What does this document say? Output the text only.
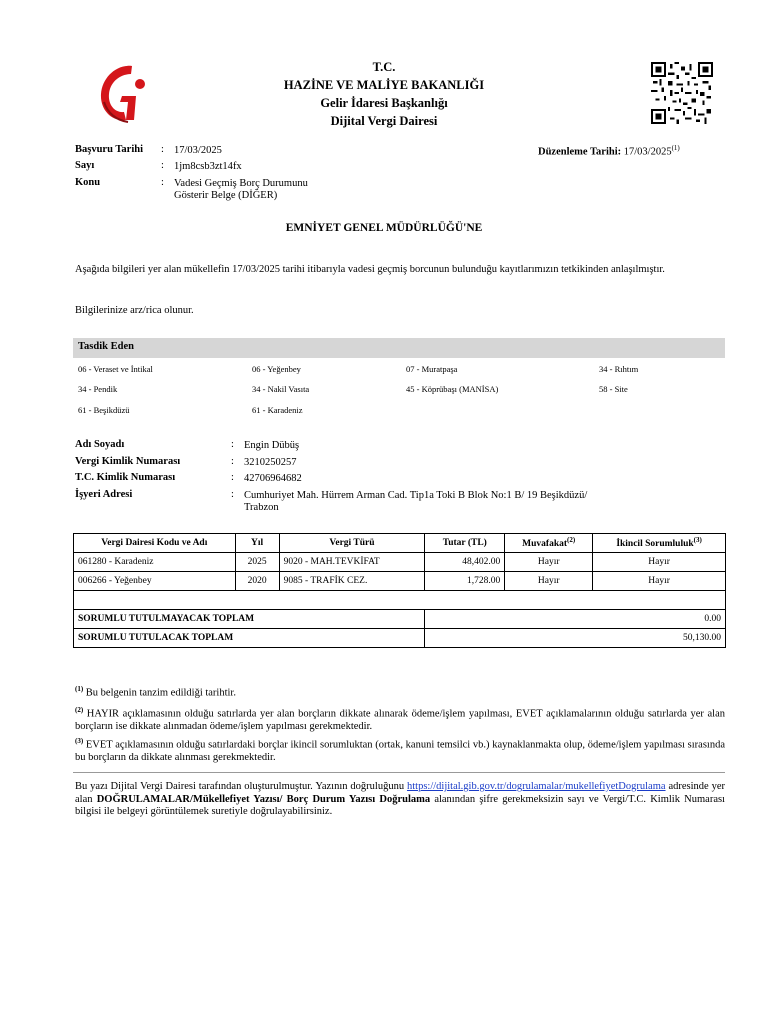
T.C.
HAZİNE VE MALİYE BAKANLIĞI
Gelir İdaresi Başkanlığı
Dijital Vergi Dairesi
Başvuru Tarihi : 17/03/2025
Sayı	: 1jm8csb3zt14fx
Konu	: Vadesi Geçmiş Borç Durumunu
Gösterir Belge (DİĞER)
Düzenleme Tarihi: 17/03/2025$^{(1)}$
EMNİYET GENEL MÜDÜRLÜĞÜ'NE
Aşağıda bilgileri yer alan mükellefin 17/03/2025 tarihi itibarıyla vadesi geçmiş borcunun bulunduğu kayıtlarımızın tetkikinden anlaşılmıştır.
Bilgilerinize arz/rica olunur.
Tasdik Eden
06 - Veraset ve İntikal	06 - Yeğenbey	07 - Muratpaşa	34 - Rıhtım
34 - Pendik	34 - Nakil Vasıta	45 - Köprübaşı (MANİSA)	58 - Site
61 - Beşikdüzü	61 - Karadeniz
Adı Soyadı	: Engin Dübüş
Vergi Kimlik Numarası	: 3210250257
T.C. Kimlik Numarası	: 42706964682
İşyeri Adresi	: Cumhuriyet Mah. Hürrem Arman Cad. Tip1a Toki B Blok No:1 B/ 19 Beşikdüzü/
Trabzon
Vergi Dairesi Kodu ve Adı	Yıl	Vergi Türü	Tutar (TL)	Muvafakat$^{(2)}$	İkincil Sorumluluk$^{(3)}$
061280 - Karadeniz	2025	9020 - MAH.TEVKİFAT	48,402.00	Hayır	Hayır
006266 - Yeğenbey	2020	9085 - TRAFİK CEZ.	1,728.00	Hayır	Hayır

SORUMLU TUTULMAYACAK TOPLAM			0.00		
SORUMLU TUTULACAK TOPLAM			50,130.00		
$^{(1)}$ Bu belgenin tanzim edildiği tarihtir.
$^{(2)}$ HAYIR açıklamasının olduğu satırlarda yer alan borçların dikkate alınarak ödeme/işlem yapılması, EVET açıklamalarının olduğu satırlarda yer alan borçların ise dikkate alınmadan ödeme/işlem yapılması gerekmektedir.
$^{(3)}$ EVET açıklamasının olduğu satırlardaki borçlar ikincil sorumluktan (ortak, kanuni temsilci vb.) kaynaklanmakta olup, ödeme/işlem yapılması sırasında bu borçların da dikkate alınması gerekmektedir.
Bu yazı Dijital Vergi Dairesi tarafından oluşturulmuştur. Yazının doğruluğunu https://dijital.gib.gov.tr/dogrulamalar/mukellefiyetDogrulama adresinde yer alan DOĞRULAMALAR/Mükellefiyet Yazısı/ Borç Durum Yazısı Doğrulama alanından şifre gerekmeksizin sayı ve Vergi/T.C. Kimlik Numarası bilgisi ile belgeyi görüntülemek suretiyle doğrulayabilirsiniz.
